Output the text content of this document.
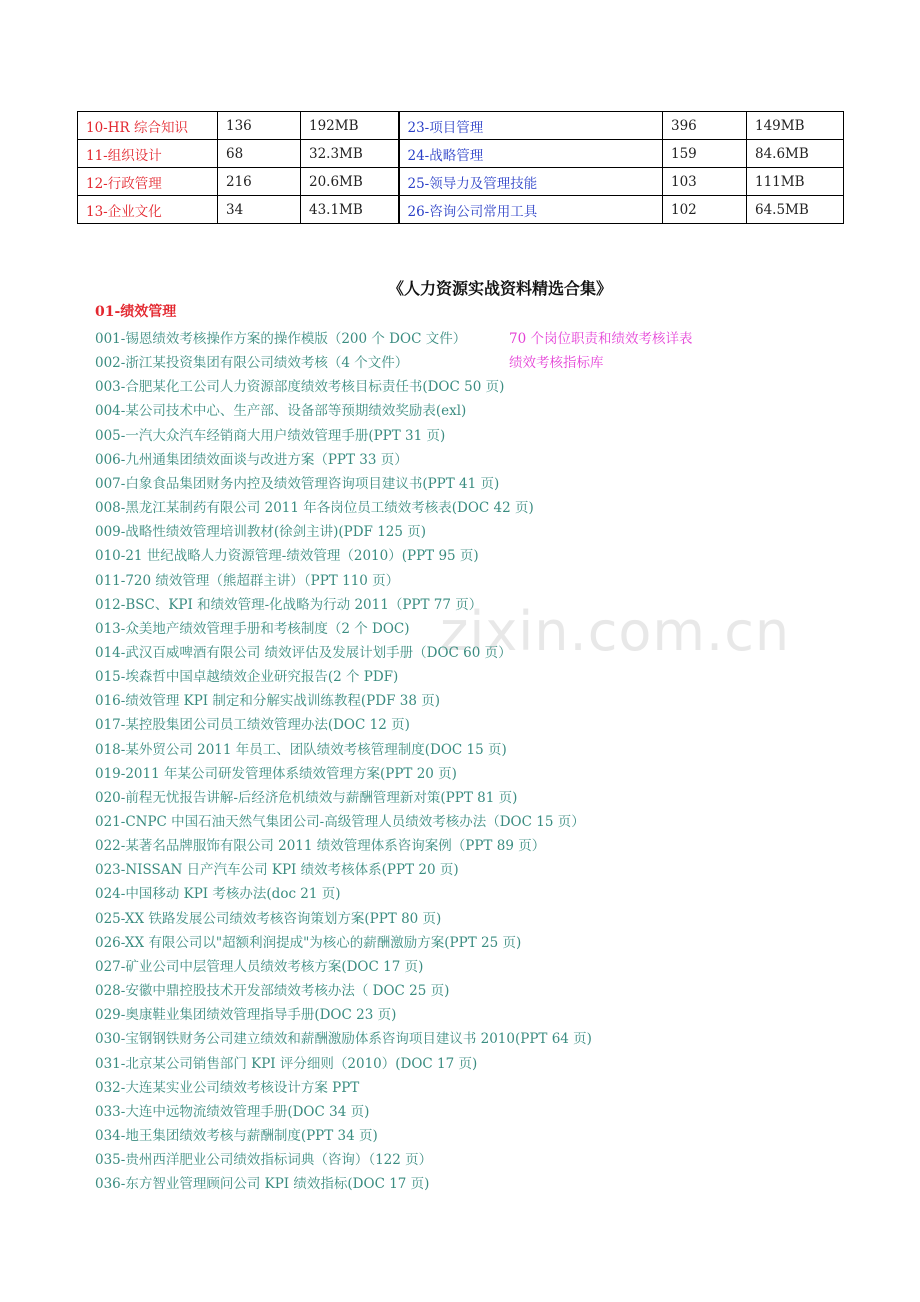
10-HR 综合知识	136	192MB	23-项目管理	396	149MB
11-组织设计	68	32.3MB	24-战略管理	159	84.6MB
12-行政管理	216	20.6MB	25-领导力及管理技能	103	111MB
13-企业文化	34	43.1MB	26-咨询公司常用工具	102	64.5MB
zixin.com.cn
《人力资源实战资料精选合集》
01-绩效管理
70 个岗位职责和绩效考核详表
绩效考核指标库
001-锡恩绩效考核操作方案的操作模版（200 个 DOC 文件）
002-浙江某投资集团有限公司绩效考核（4 个文件）
003-合肥某化工公司人力资源部度绩效考核目标责任书(DOC 50 页)
004-某公司技术中心、生产部、设备部等预期绩效奖励表(exl)
005-一汽大众汽车经销商大用户绩效管理手册(PPT 31 页)
006-九州通集团绩效面谈与改进方案（PPT 33 页）
007-白象食品集团财务内控及绩效管理咨询项目建议书(PPT 41 页)
008-黑龙江某制药有限公司 2011 年各岗位员工绩效考核表(DOC 42 页)
009-战略性绩效管理培训教材(徐剑主讲)(PDF 125 页)
010-21 世纪战略人力资源管理-绩效管理（2010）(PPT 95 页)
011-720 绩效管理（熊超群主讲）（PPT 110 页）
012-BSC、KPI 和绩效管理-化战略为行动 2011（PPT 77 页）
013-众美地产绩效管理手册和考核制度（2 个 DOC)
014-武汉百威啤酒有限公司 绩效评估及发展计划手册（DOC 60 页）
015-埃森哲中国卓越绩效企业研究报告(2 个 PDF)
016-绩效管理 KPI 制定和分解实战训练教程(PDF 38 页)
017-某控股集团公司员工绩效管理办法(DOC 12 页)
018-某外贸公司 2011 年员工、团队绩效考核管理制度(DOC 15 页)
019-2011 年某公司研发管理体系绩效管理方案(PPT 20 页)
020-前程无忧报告讲解-后经济危机绩效与薪酬管理新对策(PPT 81 页)
021-CNPC 中国石油天然气集团公司-高级管理人员绩效考核办法（DOC 15 页）
022-某著名品牌服饰有限公司 2011 绩效管理体系咨询案例（PPT 89 页）
023-NISSAN 日产汽车公司 KPI 绩效考核体系(PPT 20 页)
024-中国移动 KPI 考核办法(doc 21 页)
025-XX 铁路发展公司绩效考核咨询策划方案(PPT 80 页)
026-XX 有限公司以"超额利润提成"为核心的薪酬激励方案(PPT 25 页)
027-矿业公司中层管理人员绩效考核方案(DOC 17 页)
028-安徽中鼎控股技术开发部绩效考核办法（ DOC 25 页)
029-奥康鞋业集团绩效管理指导手册(DOC 23 页)
030-宝钢钢铁财务公司建立绩效和薪酬激励体系咨询项目建议书 2010(PPT 64 页)
031-北京某公司销售部门 KPI 评分细则（2010）(DOC 17 页)
032-大连某实业公司绩效考核设计方案 PPT
033-大连中远物流绩效管理手册(DOC 34 页)
034-地王集团绩效考核与薪酬制度(PPT 34 页)
035-贵州西洋肥业公司绩效指标词典（咨询）（122 页）
036-东方智业管理顾问公司 KPI 绩效指标(DOC 17 页)
